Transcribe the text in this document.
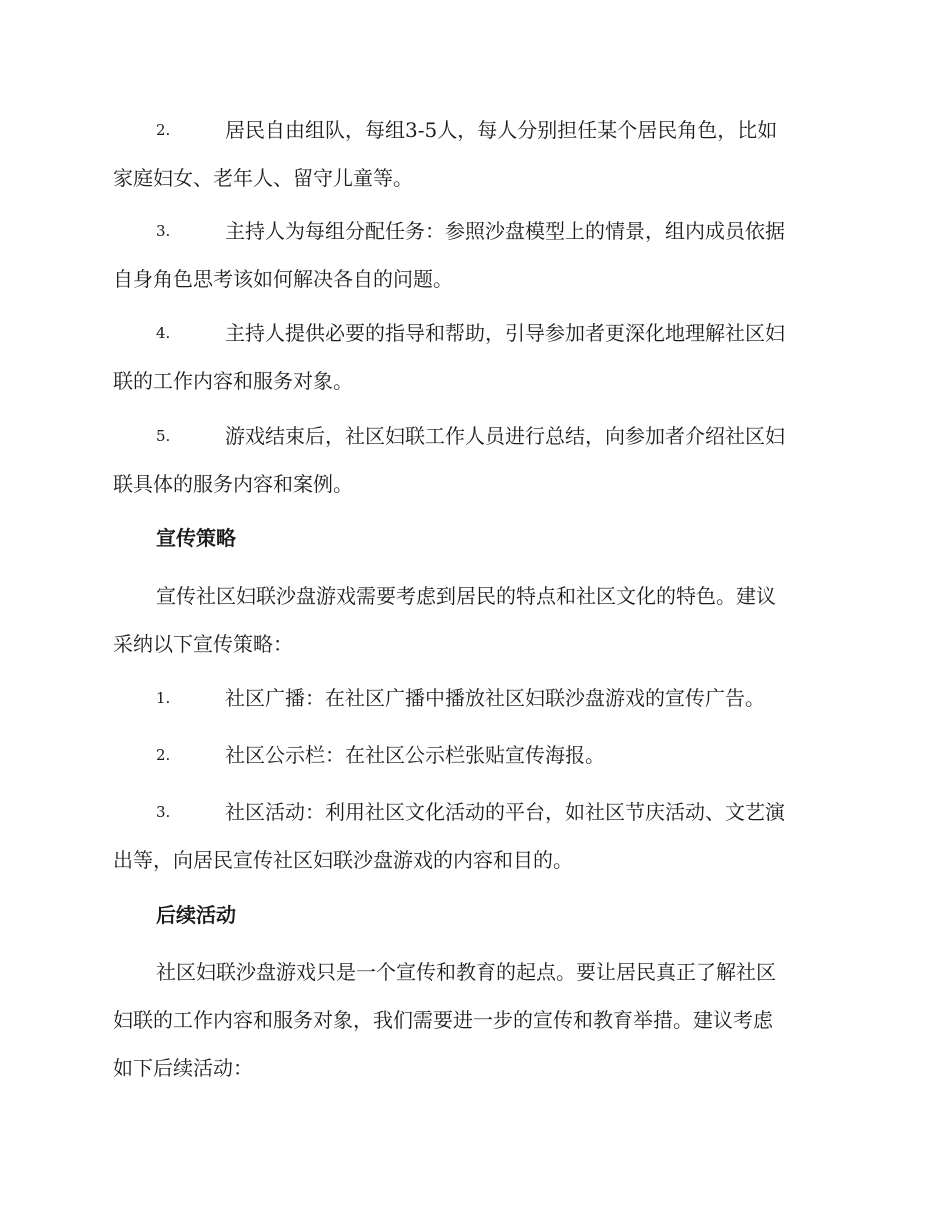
2.	居民自由组队，每组3-5人，每人分别担任某个居民角色，比如
家庭妇女、老年人、留守儿童等。
3.	主持人为每组分配任务：参照沙盘模型上的情景，组内成员依据
自身角色思考该如何解决各自的问题。
4.	主持人提供必要的指导和帮助，引导参加者更深化地理解社区妇
联的工作内容和服务对象。
5.	游戏结束后，社区妇联工作人员进行总结，向参加者介绍社区妇
联具体的服务内容和案例。
宣传策略
宣传社区妇联沙盘游戏需要考虑到居民的特点和社区文化的特色。建议
采纳以下宣传策略：
1.	社区广播：在社区广播中播放社区妇联沙盘游戏的宣传广告。
2.	社区公示栏：在社区公示栏张贴宣传海报。
3.	社区活动：利用社区文化活动的平台，如社区节庆活动、文艺演
出等，向居民宣传社区妇联沙盘游戏的内容和目的。
后续活动
社区妇联沙盘游戏只是一个宣传和教育的起点。要让居民真正了解社区
妇联的工作内容和服务对象，我们需要进一步的宣传和教育举措。建议考虑
如下后续活动：
